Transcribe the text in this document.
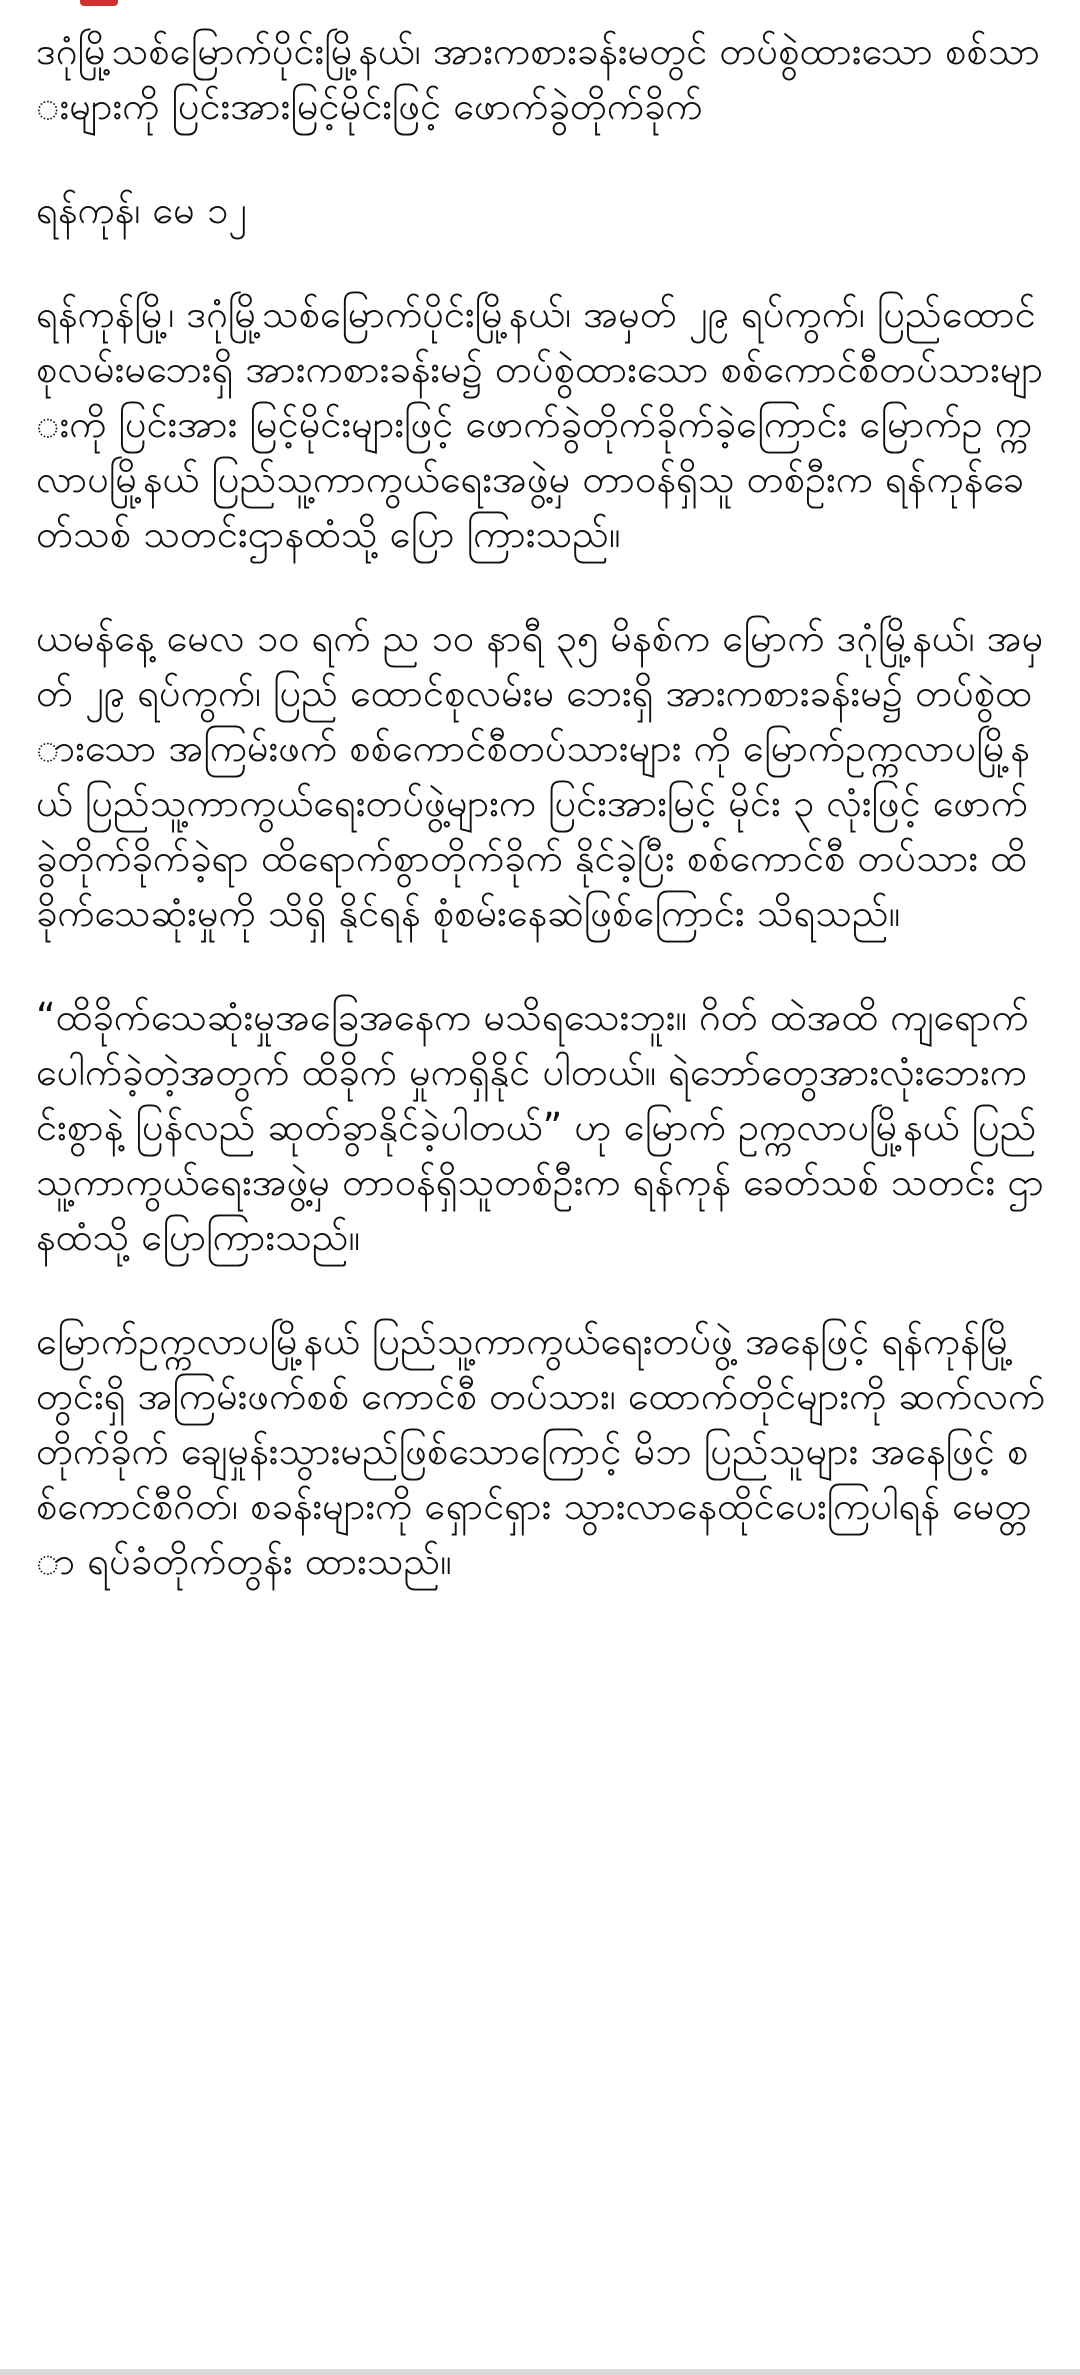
ဒဂုံမြို့သစ်မြောက်ပိုင်းမြို့နယ်၊ အားကစားခန်းမတွင် တပ်စွဲထားသော စစ်သားများကို ပြင်းအားမြင့်မိုင်းဖြင့် ဖောက်ခွဲတိုက်ခိုက်

ရန်ကုန်၊ မေ ၁၂

ရန်ကုန်မြို့၊ ဒဂုံမြို့သစ်မြောက်ပိုင်းမြို့နယ်၊ အမှတ် ၂၉ ရပ်ကွက်၊ ပြည်ထောင်စုလမ်းမဘေးရှိ အားကစားခန်းမ၌ တပ်စွဲထားသော စစ်ကောင်စီတပ်သားများကို ပြင်းအား မြင့်မိုင်းများဖြင့် ဖောက်ခွဲတိုက်ခိုက်ခဲ့ကြောင်း မြောက်ဥ က္ကလာပမြို့နယ် ပြည်သူ့ကာကွယ်ရေးအဖွဲ့မှ တာဝန်ရှိသူ တစ်ဦးက ရန်ကုန်ခေတ်သစ် သတင်းဌာနထံသို့ ပြော ကြားသည်။

ယမန်နေ့ မေလ ၁၀ ရက် ည ၁၀ နာရီ ၃၅ မိနစ်က မြောက် ဒဂုံမြို့နယ်၊ အမှတ် ၂၉ ရပ်ကွက်၊ ပြည် ထောင်စုလမ်းမ ဘေးရှိ အားကစားခန်းမ၌ တပ်စွဲထားသော အကြမ်းဖက် စစ်ကောင်စီတပ်သားများ ကို မြောက်ဥက္ကလာပမြို့နယ် ပြည်သူ့ကာကွယ်ရေးတပ်ဖွဲ့များက ပြင်းအားမြင့် မိုင်း ၃ လုံးဖြင့် ဖောက်ခွဲတိုက်ခိုက်ခဲ့ရာ ထိရောက်စွာတိုက်ခိုက် နိုင်ခဲ့ပြီး စစ်ကောင်စီ တပ်သား ထိခိုက်သေဆုံးမှုကို သိရှိ နိုင်ရန် စုံစမ်းနေဆဲဖြစ်ကြောင်း သိရသည်။

“ထိခိုက်သေဆုံးမှုအခြေအနေက မသိရသေးဘူး။ ဂိတ် ထဲအထိ ကျရောက်ပေါက်ခဲ့တဲ့အတွက် ထိခိုက် မှုကရှိနိုင် ပါတယ်။ ရဲဘော်တွေအားလုံးဘေးကင်းစွာနဲ့ ပြန်လည် ဆုတ်ခွာနိုင်ခဲ့ပါတယ်” ဟု မြောက် ဥက္ကလာပမြို့နယ် ပြည်သူ့ကာကွယ်ရေးအဖွဲ့မှ တာဝန်ရှိသူတစ်ဦးက ရန်ကုန် ခေတ်သစ် သတင်း ဌာနထံသို့ ပြောကြားသည်။

မြောက်ဥက္ကလာပမြို့နယ် ပြည်သူ့ကာကွယ်ရေးတပ်ဖွဲ့ အနေဖြင့် ရန်ကုန်မြို့တွင်းရှိ အကြမ်းဖက်စစ် ကောင်စီ တပ်သား၊ ထောက်တိုင်များကို ဆက်လက်တိုက်ခိုက် ချေမှုန်းသွားမည်ဖြစ်သောကြောင့် မိဘ ပြည်သူများ အနေဖြင့် စစ်ကောင်စီဂိတ်၊ စခန်းများကို ရှောင်ရှား သွားလာနေထိုင်ပေးကြပါရန် မေတ္တာ ရပ်ခံတိုက်တွန်း ထားသည်။
